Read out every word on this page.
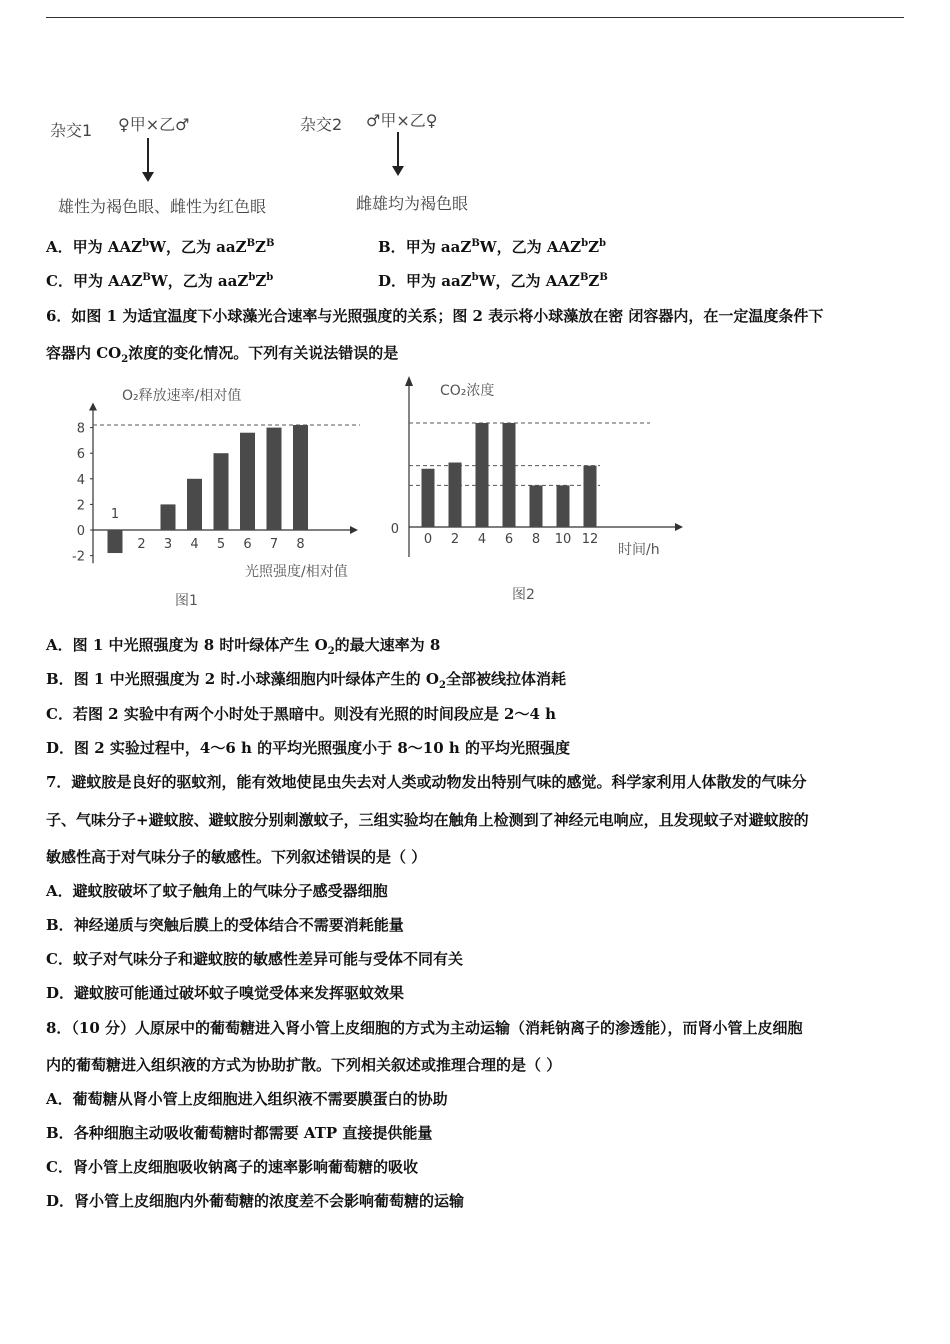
杂交1 ♀甲×乙♂
雄性为褐色眼、雌性为红色眼
杂交2 ♂甲×乙♀
雌雄均为褐色眼
A．甲为 AAZ$^b$W，乙为 $aaZ^BZ^B$	B．甲为 aaZ$^B$W，乙为 $AAZ^bZ^b$
C．甲为 $AAZ^BW$，乙为 $aaZ^bZ^b$	D．甲为 aaZ$^b$W，乙为 $AAZ^BZ^B$
6．如图 1 为适宜温度下小球藻光合速率与光照强度的关系；图 2 表示将小球藻放在密 闭容器内，在一定温度条件下
容器内 $CO_2$浓度的变化情况。下列有关说法错误的是
8
6
4
2
0
-2
1
2 3 4 5 6 7 8
O₂释放速率/相对值
光照强度/相对值
图1
0
0 2 4 6 8 10 12
CO₂浓度
时间/h
图2
A．图 1 中光照强度为 8 时叶绿体产生 $O_2$的最大速率为 8
B．图 1 中光照强度为 2 时.小球藻细胞内叶绿体产生的 $O_2$全部被线拉体消耗
C．若图 2 实验中有两个小时处于黑暗中。则没有光照的时间段应是 2～4 h
D．图 2 实验过程中，4～6 h 的平均光照强度小于 8～10 h 的平均光照强度
7．避蚊胺是良好的驱蚊剂，能有效地使昆虫失去对人类或动物发出特别气味的感觉。科学家利用人体散发的气味分
子、气味分子+避蚊胺、避蚊胺分别刺激蚊子，三组实验均在触角上检测到了神经元电响应，且发现蚊子对避蚊胺的
敏感性高于对气味分子的敏感性。下列叙述错误的是（ ）
A．避蚊胺破坏了蚊子触角上的气味分子感受器细胞
B．神经递质与突触后膜上的受体结合不需要消耗能量
C．蚊子对气味分子和避蚊胺的敏感性差异可能与受体不同有关
D．避蚊胺可能通过破坏蚊子嗅觉受体来发挥驱蚊效果
8．（10 分）人原尿中的葡萄糖进入肾小管上皮细胞的方式为主动运输（消耗钠离子的渗透能），而肾小管上皮细胞
内的葡萄糖进入组织液的方式为协助扩散。下列相关叙述或推理合理的是（ ）
A．葡萄糖从肾小管上皮细胞进入组织液不需要膜蛋白的协助
B．各种细胞主动吸收葡萄糖时都需要 ATP 直接提供能量
C．肾小管上皮细胞吸收钠离子的速率影响葡萄糖的吸收
D．肾小管上皮细胞内外葡萄糖的浓度差不会影响葡萄糖的运输
